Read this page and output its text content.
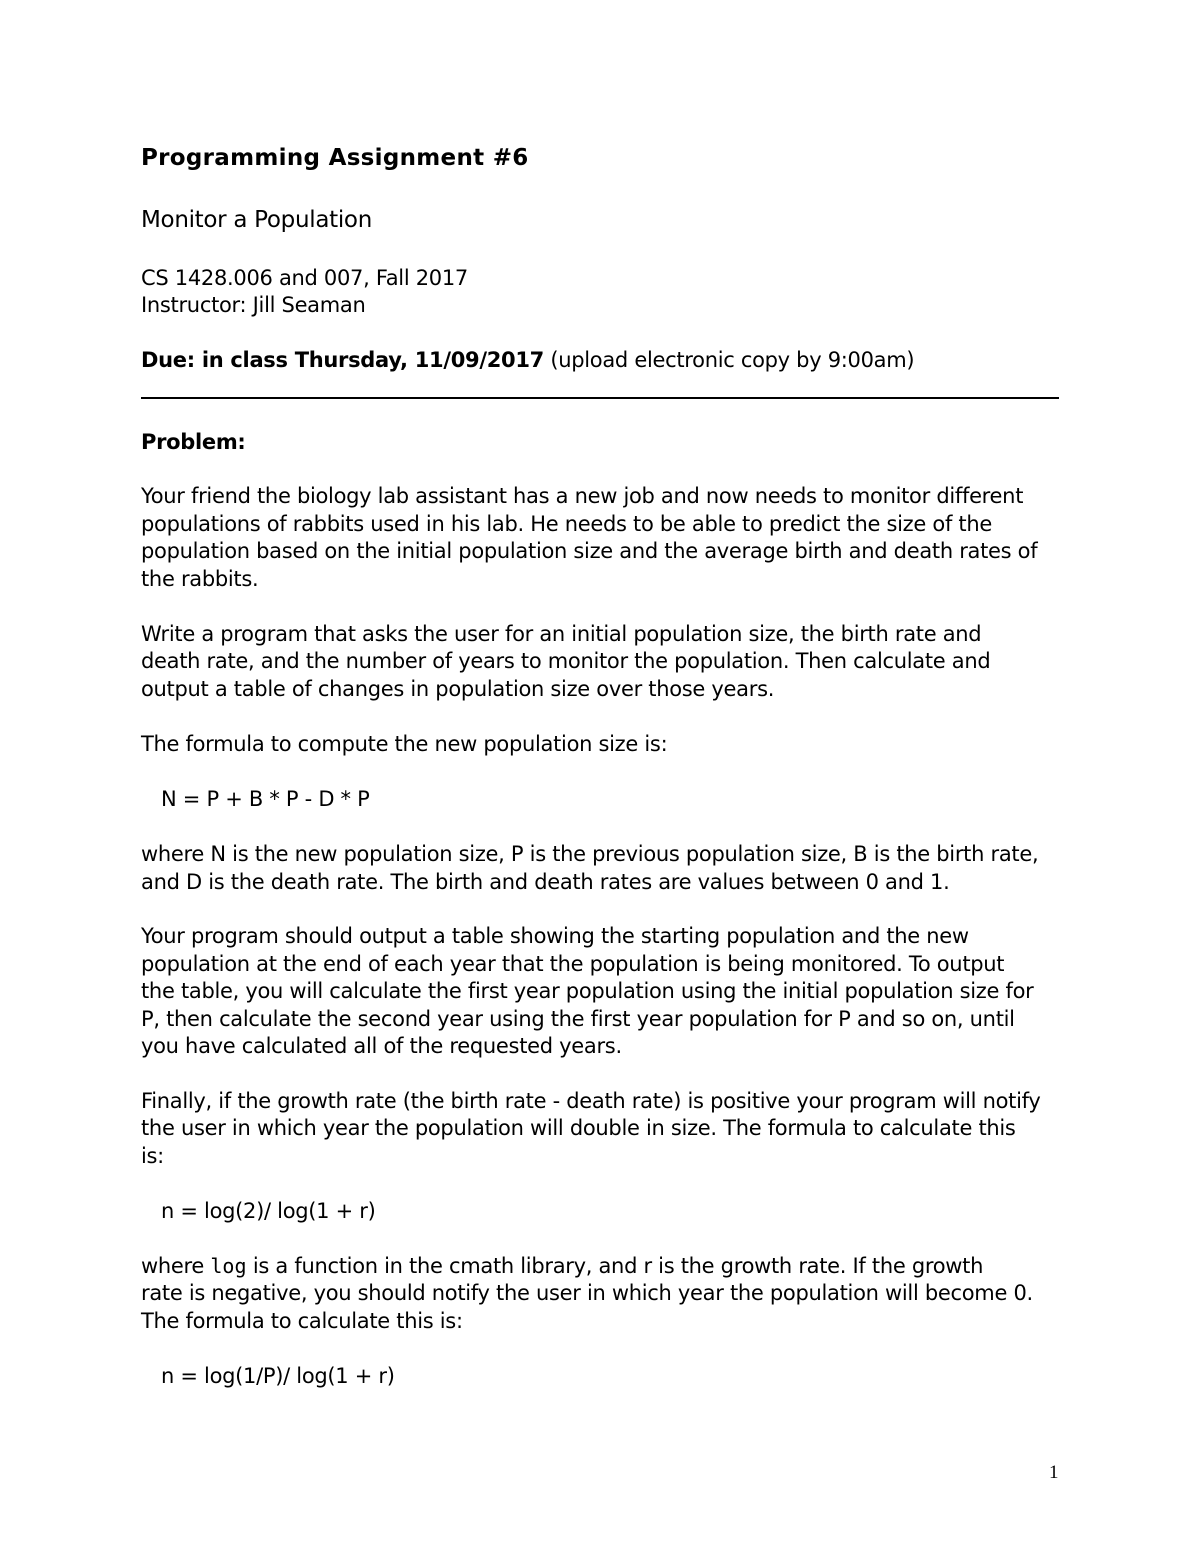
Programming Assignment #6
Monitor a Population
CS 1428.006 and 007, Fall 2017
Instructor: Jill Seaman
Due: in class Thursday, 11/09/2017 (upload electronic copy by 9:00am)
Problem:
Your friend the biology lab assistant has a new job and now needs to monitor different
populations of rabbits used in his lab. He needs to be able to predict the size of the
population based on the initial population size and the average birth and death rates of
the rabbits.
Write a program that asks the user for an initial population size, the birth rate and
death rate, and the number of years to monitor the population. Then calculate and
output a table of changes in population size over those years.
The formula to compute the new population size is:
N = P + B * P - D * P
where N is the new population size, P is the previous population size, B is the birth rate,
and D is the death rate. The birth and death rates are values between 0 and 1.
Your program should output a table showing the starting population and the new
population at the end of each year that the population is being monitored. To output
the table, you will calculate the first year population using the initial population size for
P, then calculate the second year using the first year population for P and so on, until
you have calculated all of the requested years.
Finally, if the growth rate (the birth rate - death rate) is positive your program will notify
the user in which year the population will double in size. The formula to calculate this
is:
n = log(2)/ log(1 + r)
where log is a function in the cmath library, and r is the growth rate. If the growth
rate is negative, you should notify the user in which year the population will become 0.
The formula to calculate this is:
n = log(1/P)/ log(1 + r)
1
